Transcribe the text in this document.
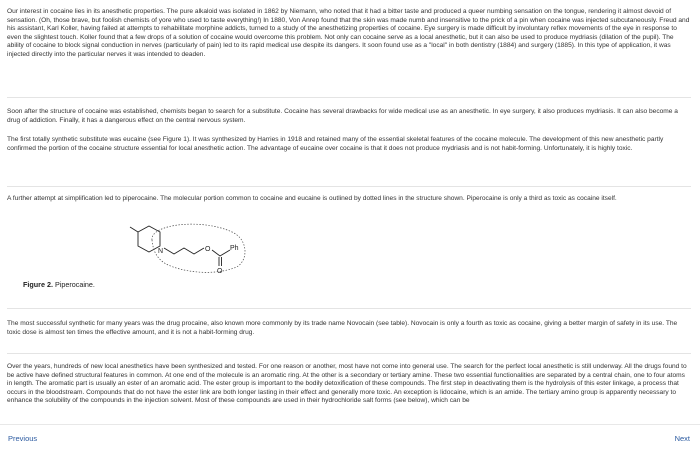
Our interest in cocaine lies in its anesthetic properties. The pure alkaloid was isolated in 1862 by Niemann, who noted that it had a bitter taste and produced a queer numbing sensation on the tongue, rendering it almost devoid of sensation. (Oh, those brave, but foolish chemists of yore who used to taste everything!) In 1880, Von Anrep found that the skin was made numb and insensitive to the prick of a pin when cocaine was injected subcutaneously. Freud and his assistant, Karl Koller, having failed at attempts to rehabilitate morphine addicts, turned to a study of the anesthetizing properties of cocaine. Eye surgery is made difficult by involuntary reflex movements of the eye in response to even the slightest touch. Koller found that a few drops of a solution of cocaine would overcome this problem. Not only can cocaine serve as a local anesthetic, but it can also be used to produce mydriasis (dilation of the pupil). The ability of cocaine to block signal conduction in nerves (particularly of pain) led to its rapid medical use despite its dangers. It soon found use as a "local" in both dentistry (1884) and surgery (1885). In this type of application, it was injected directly into the particular nerves it was intended to deaden.

Soon after the structure of cocaine was established, chemists began to search for a substitute. Cocaine has several drawbacks for wide medical use as an anesthetic. In eye surgery, it also produces mydriasis. It can also become a drug of addiction. Finally, it has a dangerous effect on the central nervous system.

The first totally synthetic substitute was eucaine (see Figure 1). It was synthesized by Harries in 1918 and retained many of the essential skeletal features of the cocaine molecule. The development of this new anesthetic partly confirmed the portion of the cocaine structure essential for local anesthetic action. The advantage of eucaine over cocaine is that it does not produce mydriasis and is not habit-forming. Unfortunately, it is highly toxic.

A further attempt at simplification led to piperocaine. The molecular portion common to cocaine and eucaine is outlined by dotted lines in the structure shown. Piperocaine is only a third as toxic as cocaine itself.

N	O
O
Ph
Figure 2. Piperocaine.

The most successful synthetic for many years was the drug procaine, also known more commonly by its trade name Novocain (see table). Novocain is only a fourth as toxic as cocaine, giving a better margin of safety in its use. The toxic dose is almost ten times the effective amount, and it is not a habit-forming drug.

Over the years, hundreds of new local anesthetics have been synthesized and tested. For one reason or another, most have not come into general use. The search for the perfect local anesthetic is still underway. All the drugs found to be active have defined structural features in common. At one end of the molecule is an aromatic ring. At the other is a secondary or tertiary amine. These two essential functionalities are separated by a central chain, one to four atoms in length. The aromatic part is usually an ester of an aromatic acid. The ester group is important to the bodily detoxification of these compounds. The first step in deactivating them is the hydrolysis of this ester linkage, a process that occurs in the bloodstream. Compounds that do not have the ester link are both longer lasting in their effect and generally more toxic. An exception is lidocaine, which is an amide. The tertiary amino group is apparently necessary to enhance the solubility of the compounds in the injection solvent. Most of these compounds are used in their hydrochloride salt forms (see below), which can be

Previous	Next
